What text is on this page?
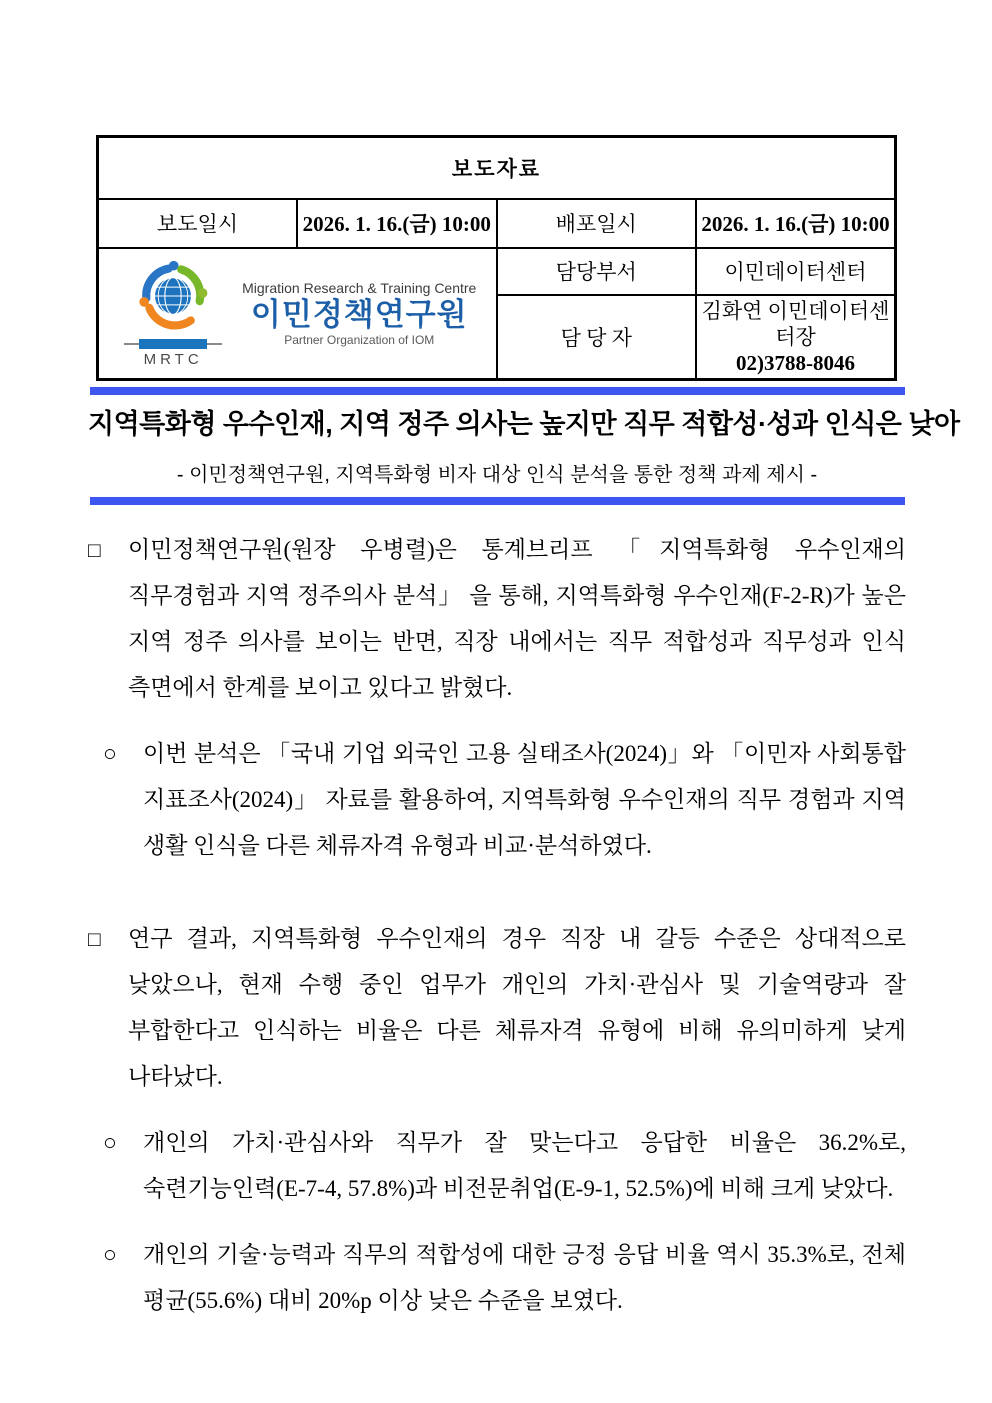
보도자료			
보도일시	2026. 1. 16.(금) 10:00	배포일시	2026. 1. 16.(금) 10:00

MRTC
Migration Research & Training Centre
이민정책연구원
Partner Organization of IOM		담당부서	이민데이터센터
		담 당 자	김화연 이민데이터센터장
02)3788-8046
지역특화형 우수인재, 지역 정주 의사는 높지만 직무 적합성·성과 인식은 낮아
- 이민정책연구원, 지역특화형 비자 대상 인식 분석을 통한 정책 과제 제시 -
□	이민정책연구원(원장 우병렬)은 통계브리프 「지역특화형 우수인재의 직무경험과 지역 정주의사 분석」 을 통해, 지역특화형 우수인재(F-2-R)가 높은 지역 정주 의사를 보이는 반면, 직장 내에서는 직무 적합성과 직무성과 인식 측면에서 한계를 보이고 있다고 밝혔다.
○	이번 분석은 「국내 기업 외국인 고용 실태조사(2024)」와 「이민자 사회통합 지표조사(2024)」 자료를 활용하여, 지역특화형 우수인재의 직무 경험과 지역 생활 인식을 다른 체류자격 유형과 비교·분석하였다.
□	연구 결과, 지역특화형 우수인재의 경우 직장 내 갈등 수준은 상대적으로 낮았으나, 현재 수행 중인 업무가 개인의 가치·관심사 및 기술역량과 잘 부합한다고 인식하는 비율은 다른 체류자격 유형에 비해 유의미하게 낮게 나타났다.
○	개인의 가치·관심사와 직무가 잘 맞는다고 응답한 비율은 36.2%로, 숙련기능인력(E-7-4, 57.8%)과 비전문취업(E-9-1, 52.5%)에 비해 크게 낮았다.
○	개인의 기술·능력과 직무의 적합성에 대한 긍정 응답 비율 역시 35.3%로, 전체 평균(55.6%) 대비 20%p 이상 낮은 수준을 보였다.
